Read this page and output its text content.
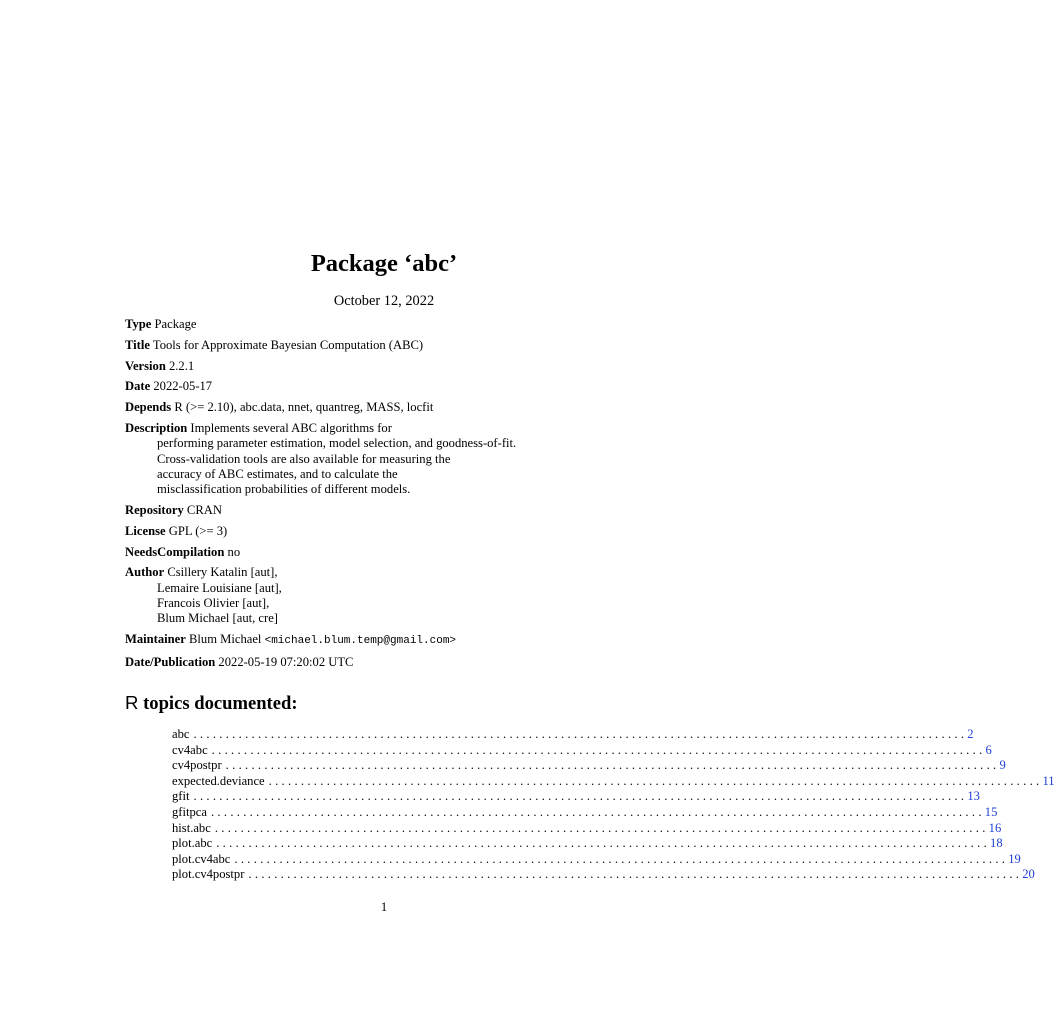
Package ‘abc’
October 12, 2022
Type Package
Title Tools for Approximate Bayesian Computation (ABC)
Version 2.2.1
Date 2022-05-17
Depends R (>= 2.10), abc.data, nnet, quantreg, MASS, locfit
Description Implements several ABC algorithms for
performing parameter estimation, model selection, and goodness-of-fit.
Cross-validation tools are also available for measuring the
accuracy of ABC estimates, and to calculate the
misclassification probabilities of different models.
Repository CRAN
License GPL (>= 3)
NeedsCompilation no
Author Csillery Katalin [aut],
Lemaire Louisiane [aut],
Francois Olivier [aut],
Blum Michael [aut, cre]
Maintainer Blum Michael <michael.blum.temp@gmail.com>
Date/Publication 2022-05-19 07:20:02 UTC
R topics documented:
abc ........................................................................................................................ 2
cv4abc ........................................................................................................................ 6
cv4postpr ........................................................................................................................ 9
expected.deviance ........................................................................................................................ 11
gfit ........................................................................................................................ 13
gfitpca ........................................................................................................................ 15
hist.abc ........................................................................................................................ 16
plot.abc ........................................................................................................................ 18
plot.cv4abc ........................................................................................................................ 19
plot.cv4postpr ........................................................................................................................ 20
1
